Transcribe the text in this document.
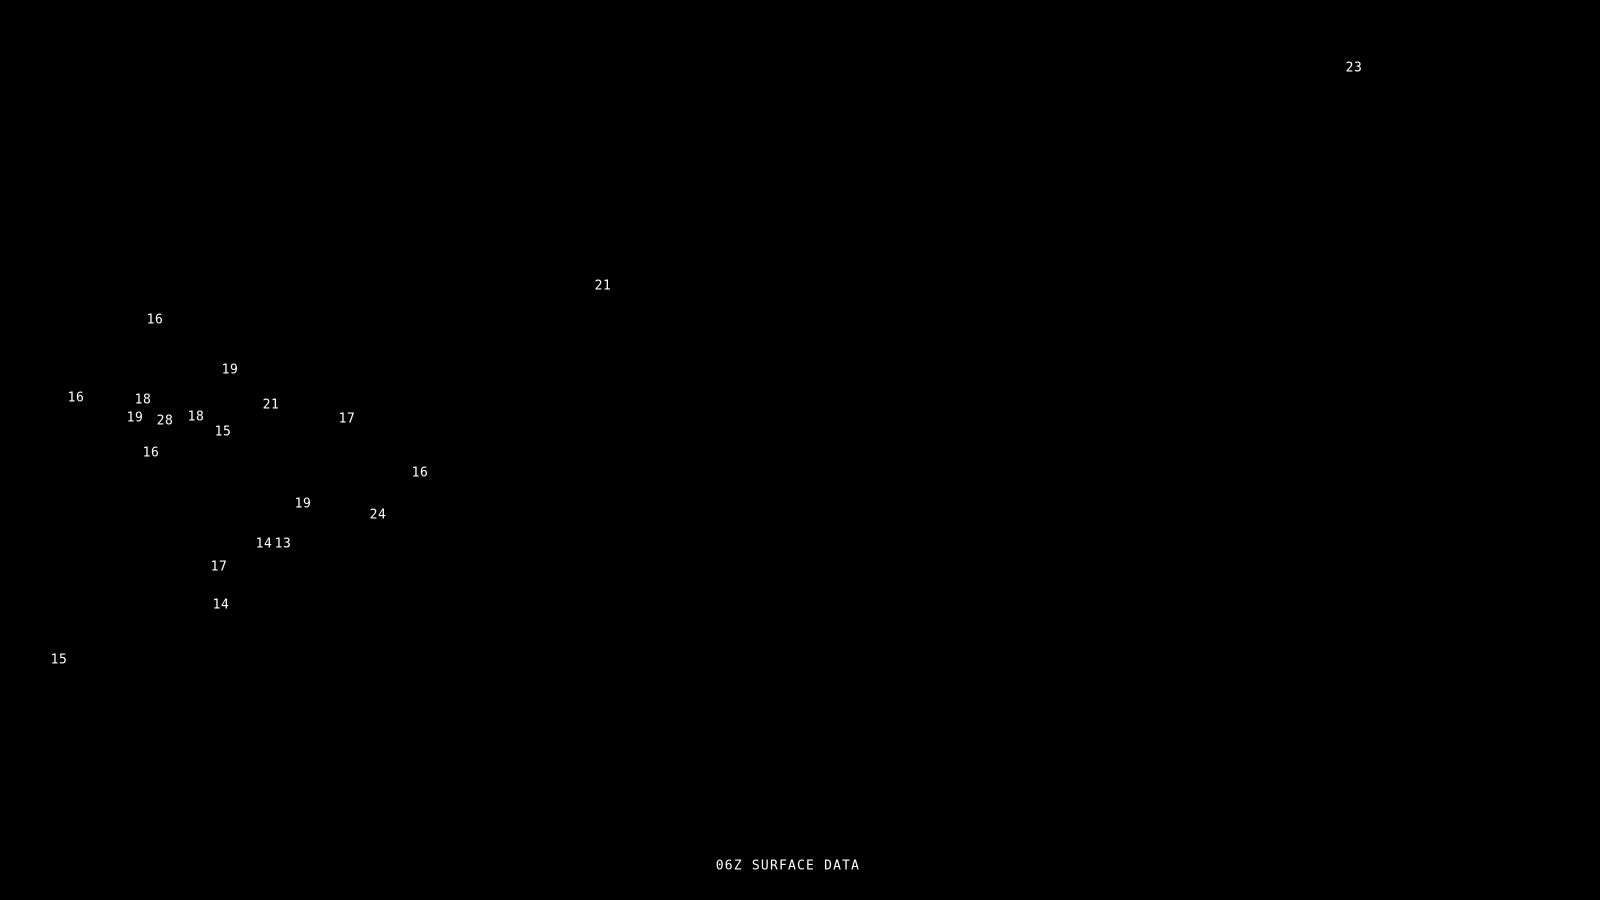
23
21
16
19
16	18	21
19 28 18	17
15
16
16
19
24
14 13
17
14
15
06Z SURFACE DATA
